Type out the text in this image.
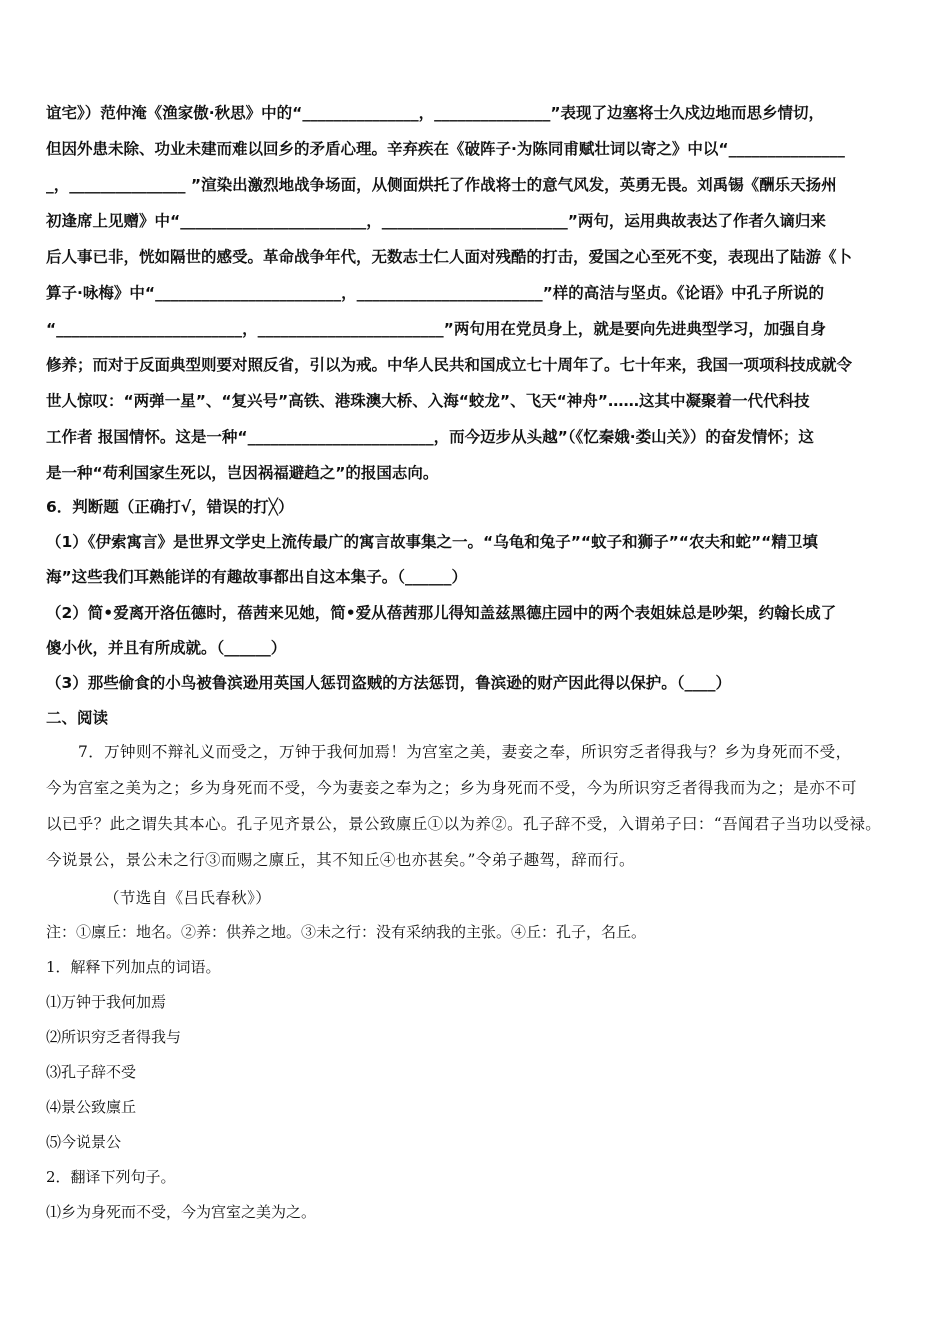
谊宅》）范仲淹《渔家傲·秋思》中的“_______________，_______________”表现了边塞将士久戍边地而思乡情切，
但因外患未除、功业未建而难以回乡的矛盾心理。辛弃疾在《破阵子·为陈同甫赋壮词以寄之》中以“_______________
_，_______________ ”渲染出激烈地战争场面，从侧面烘托了作战将士的意气风发，英勇无畏。刘禹锡《酬乐天扬州
初逢席上见赠》中“________________________，________________________”两句，运用典故表达了作者久谪归来
后人事已非，恍如隔世的感受。革命战争年代，无数志士仁人面对残酷的打击，爱国之心至死不变，表现出了陆游《卜
算子·咏梅》中“________________________，________________________”样的高洁与坚贞。《论语》中孔子所说的
“________________________，________________________”两句用在党员身上，就是要向先进典型学习，加强自身
修养；而对于反面典型则要对照反省，引以为戒。中华人民共和国成立七十周年了。七十年来，我国一项项科技成就令
世人惊叹：“两弹一星”、“复兴号”高铁、港珠澳大桥、入海“蛟龙”、飞天“神舟”……这其中凝聚着一代代科技
工作者 报国情怀。这是一种“________________________，而今迈步从头越”（《忆秦娥·娄山关》）的奋发情怀；这
是一种“苟利国家生死以，岂因祸福避趋之”的报国志向。
6．判断题（正确打√，错误的打╳）
（1）《伊索寓言》是世界文学史上流传最广的寓言故事集之一。“乌龟和兔子”“蚊子和狮子”“农夫和蛇”“精卫填
海”这些我们耳熟能详的有趣故事都出自这本集子。（______）
（2）简•爱离开洛伍德时，蓓茜来见她，简•爱从蓓茜那儿得知盖兹黑德庄园中的两个表姐妹总是吵架，约翰长成了
傻小伙，并且有所成就。（______）
（3）那些偷食的小鸟被鲁滨逊用英国人惩罚盗贼的方法惩罚，鲁滨逊的财产因此得以保护。（____）
二、阅读
7．万钟则不辩礼义而受之，万钟于我何加焉！为宫室之美，妻妾之奉，所识穷乏者得我与？乡为身死而不受，
今为宫室之美为之；乡为身死而不受，今为妻妾之奉为之；乡为身死而不受，今为所识穷乏者得我而为之；是亦不可
以已乎？此之谓失其本心。孔子见齐景公，景公致廪丘①以为养②。孔子辞不受，入谓弟子曰：“吾闻君子当功以受禄。
今说景公，景公未之行③而赐之廪丘，其不知丘④也亦甚矣。”令弟子趣驾，辞而行。
（节选自《吕氏春秋》）
注：①廪丘：地名。②养：供养之地。③未之行：没有采纳我的主张。④丘：孔子，名丘。
1．解释下列加点的词语。
⑴万钟于我何加焉
⑵所识穷乏者得我与
⑶孔子辞不受
⑷景公致廪丘
⑸今说景公
2．翻译下列句子。
⑴乡为身死而不受，今为宫室之美为之。
